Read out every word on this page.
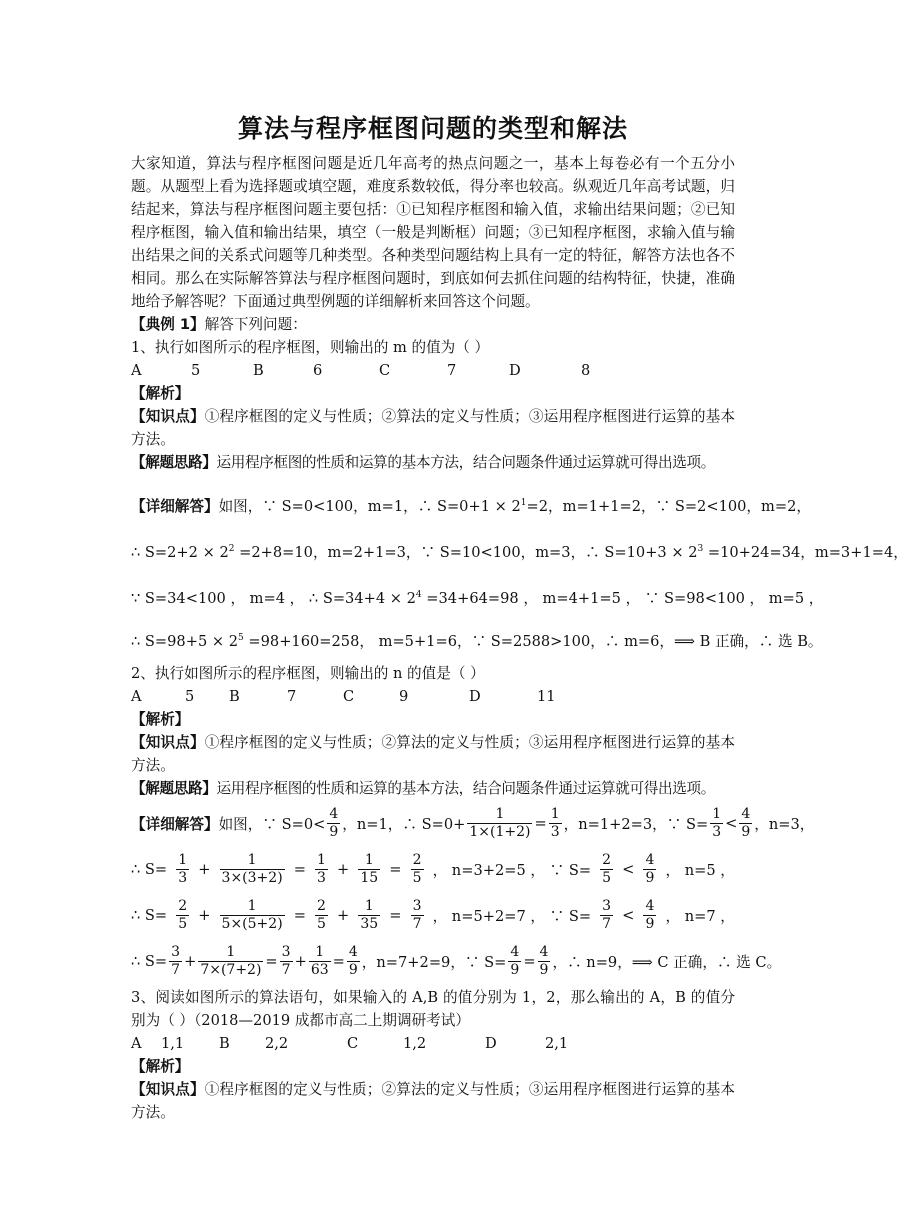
算法与程序框图问题的类型和解法

大家知道，算法与程序框图问题是近几年高考的热点问题之一，基本上每卷必有一个五分小题。从题型上看为选择题或填空题，难度系数较低，得分率也较高。纵观近几年高考试题，归结起来，算法与程序框图问题主要包括：①已知程序框图和输入值，求输出结果问题；②已知程序框图，输入值和输出结果，填空（一般是判断框）问题；③已知程序框图，求输入值与输出结果之间的关系式问题等几种类型。各种类型问题结构上具有一定的特征，解答方法也各不相同。那么在实际解答算法与程序框图问题时，到底如何去抓住问题的结构特征，快捷，准确地给予解答呢？下面通过典型例题的详细解析来回答这个问题。

【典例 1】解答下列问题：

1、执行如图所示的程序框图，则输出的 m 的值为（ ）

A	5	B	6	C	7	D	8

【解析】

【知识点】①程序框图的定义与性质；②算法的定义与性质；③运用程序框图进行运算的基本方法。

【解题思路】运用程序框图的性质和运算的基本方法，结合问题条件通过运算就可得出选项。

【详细解答】如图，∵ S=0<100，m=1，∴ $S=0+1 \times 2^1=2$，m=1+1=2，∵ S=2<100，m=2，
∴ $S=2+2 \times 2^2 =2+8=10$，m=2+1=3，∵ S=10<100，m=3，∴ $S=10+3 \times 2^3 =10+24=34$，m=3+1=4，
∵ S=34<100 ， m=4 ， ∴ $S=34+4 \times 2^4 =34+64=98$ ， m=4+1=5 ， ∵ S=98<100 ， m=5 ，
∴ $S=98+5 \times 2^5 =98+160=258$， m=5+1=6，∵ S=2588>100，∴ m=6，⟹ B 正确，∴ 选 B。

2、执行如图所示的程序框图，则输出的 n 的值是（ ）

A	5	B	7	C	9	D	11

【解析】

【知识点】①程序框图的定义与性质；②算法的定义与性质；③运用程序框图进行运算的基本方法。

【解题思路】运用程序框图的性质和运算的基本方法，结合问题条件通过运算就可得出选项。

【详细解答】 如图，∵ $S=0< \frac{4}{9}$ ，n=1，∴ $S=0+ \frac{1}{1\times(1+2)} = \frac{1}{3}$ ，n=1+2=3，∵ $S= \frac{1}{3} < \frac{4}{9}$ ，n=3，
∴ $S= \frac{1}{3} + \frac{1}{3\times(3+2)} = \frac{1}{3} + \frac{1}{15} = \frac{2}{5}$ ， n=3+2=5 ， ∵ $S= \frac{2}{5} < \frac{4}{9}$ ， n=5 ，
∴ $S= \frac{2}{5} + \frac{1}{5\times(5+2)} = \frac{2}{5} + \frac{1}{35} = \frac{3}{7}$ ， n=5+2=7 ， ∵ $S= \frac{3}{7} < \frac{4}{9}$ ， n=7 ，
∴ $S= \frac{3}{7} + \frac{1}{7\times(7+2)} = \frac{3}{7} + \frac{1}{63} = \frac{4}{9}$ ，n=7+2=9，∵ $S= \frac{4}{9} = \frac{4}{9}$ ，∴ n=9，⟹ C 正确，∴ 选 C。

3、阅读如图所示的算法语句，如果输入的 A,B 的值分别为 1，2，那么输出的 A，B 的值分别为（ ）（2018—2019 成都市高二上期调研考试）

A	1,1	B	2,2	C	1,2	D	2,1

【解析】

【知识点】①程序框图的定义与性质；②算法的定义与性质；③运用程序框图进行运算的基本方法。
